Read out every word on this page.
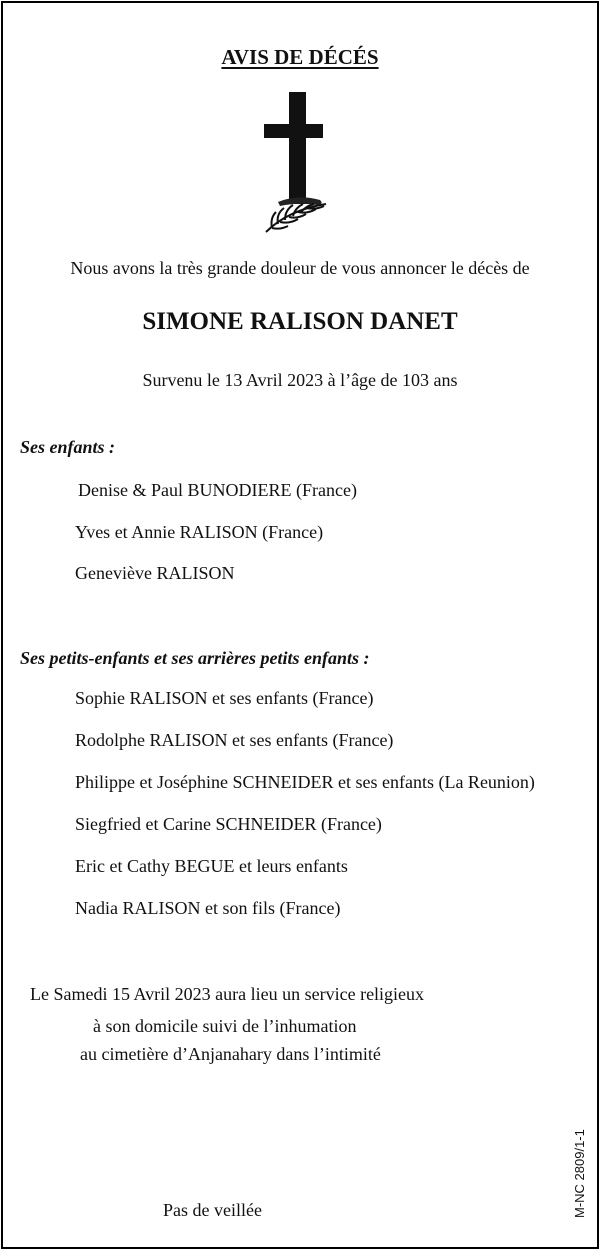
AVIS DE DÉCÉS
Nous avons la très grande douleur de vous annoncer le décès de
SIMONE RALISON DANET
Survenu le 13 Avril 2023 à l’âge de 103 ans
Ses enfants :
Denise & Paul BUNODIERE (France)
Yves et Annie RALISON (France)
Geneviève RALISON
Ses petits-enfants et ses arrières petits enfants :
Sophie RALISON et ses enfants (France)
Rodolphe RALISON et ses enfants (France)
Philippe et Joséphine SCHNEIDER et ses enfants (La Reunion)
Siegfried et Carine SCHNEIDER (France)
Eric et Cathy BEGUE et leurs enfants
Nadia RALISON et son fils (France)
Le Samedi 15 Avril 2023 aura lieu un service religieux
à son domicile suivi de l’inhumation
au cimetière d’Anjanahary dans l’intimité
Pas de veillée	M-NC 2809/1-1
